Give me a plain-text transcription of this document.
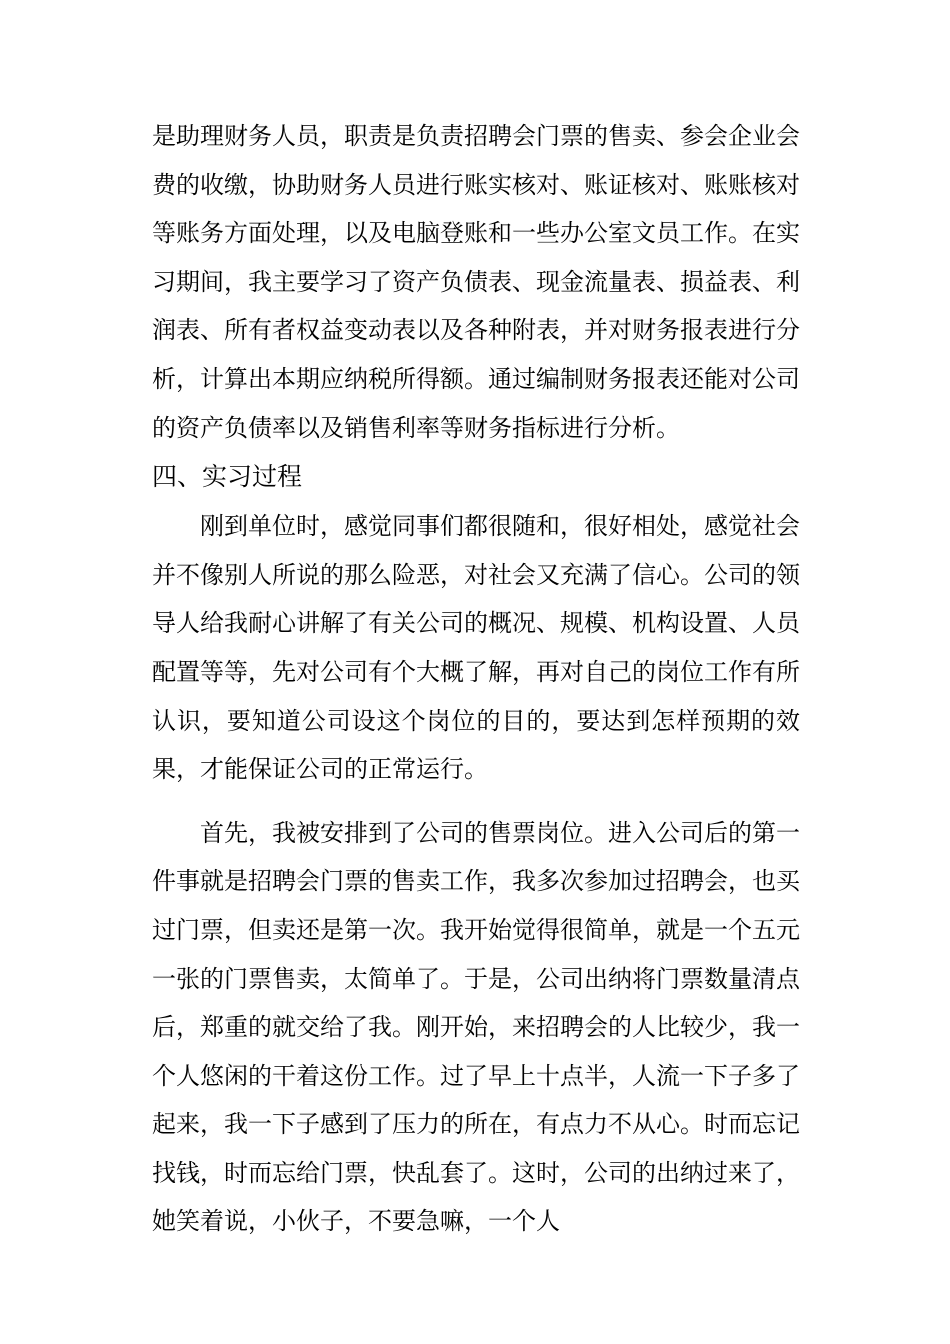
是助理财务人员，职责是负责招聘会门票的售卖、参会企业会费的收缴，协助财务人员进行账实核对、账证核对、账账核对等账务方面处理，以及电脑登账和一些办公室文员工作。在实习期间，我主要学习了资产负债表、现金流量表、损益表、利润表、所有者权益变动表以及各种附表，并对财务报表进行分析，计算出本期应纳税所得额。通过编制财务报表还能对公司的资产负债率以及销售利率等财务指标进行分析。

四、实习过程

刚到单位时，感觉同事们都很随和，很好相处，感觉社会并不像别人所说的那么险恶，对社会又充满了信心。公司的领导人给我耐心讲解了有关公司的概况、规模、机构设置、人员配置等等，先对公司有个大概了解，再对自己的岗位工作有所认识，要知道公司设这个岗位的目的，要达到怎样预期的效果，才能保证公司的正常运行。

首先，我被安排到了公司的售票岗位。进入公司后的第一件事就是招聘会门票的售卖工作，我多次参加过招聘会，也买过门票，但卖还是第一次。我开始觉得很简单，就是一个五元一张的门票售卖，太简单了。于是，公司出纳将门票数量清点后，郑重的就交给了我。刚开始，来招聘会的人比较少，我一个人悠闲的干着这份工作。过了早上十点半，人流一下子多了起来，我一下子感到了压力的所在，有点力不从心。时而忘记找钱，时而忘给门票，快乱套了。这时，公司的出纳过来了，她笑着说，小伙子，不要急嘛，一个人
